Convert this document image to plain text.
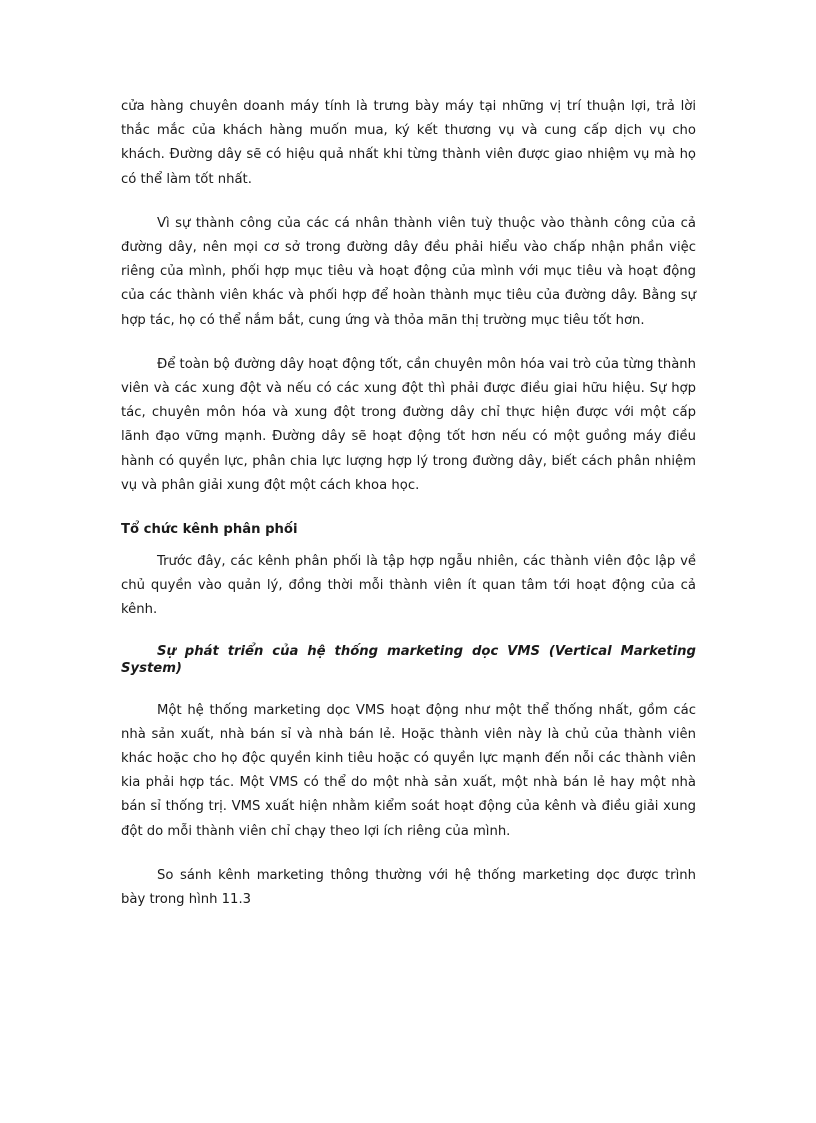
cửa hàng chuyên doanh máy tính là trưng bày máy tại những vị trí thuận lợi, trả lời thắc mắc của khách hàng muốn mua, ký kết thương vụ và cung cấp dịch vụ cho khách. Đường dây sẽ có hiệu quả nhất khi từng thành viên được giao nhiệm vụ mà họ có thể làm tốt nhất.

Vì sự thành công của các cá nhân thành viên tuỳ thuộc vào thành công của cả đường dây, nên mọi cơ sở trong đường dây đều phải hiểu vào chấp nhận phần việc riêng của mình, phối hợp mục tiêu và hoạt động của mình với mục tiêu và hoạt động của các thành viên khác và phối hợp để hoàn thành mục tiêu của đường dây. Bằng sự hợp tác, họ có thể nắm bắt, cung ứng và thỏa mãn thị trường mục tiêu tốt hơn.

Để toàn bộ đường dây hoạt động tốt, cần chuyên môn hóa vai trò của từng thành viên và các xung đột và nếu có các xung đột thì phải được điều giai hữu hiệu. Sự hợp tác, chuyên môn hóa và xung đột trong đường dây chỉ thực hiện được với một cấp lãnh đạo vững mạnh. Đường dây sẽ hoạt động tốt hơn nếu có một guồng máy điều hành có quyền lực, phân chia lực lượng hợp lý trong đường dây, biết cách phân nhiệm vụ và phân giải xung đột một cách khoa học.

Tổ chức kênh phân phối

Trước đây, các kênh phân phối là tập hợp ngẫu nhiên, các thành viên độc lập về chủ quyền vào quản lý, đồng thời mỗi thành viên ít quan tâm tới hoạt động của cả kênh.

Sự phát triển của hệ thống marketing dọc VMS (Vertical Marketing System)

Một hệ thống marketing dọc VMS hoạt động như một thể thống nhất, gồm các nhà sản xuất, nhà bán sỉ và nhà bán lẻ. Hoặc thành viên này là chủ của thành viên khác hoặc cho họ độc quyền kinh tiêu hoặc có quyền lực mạnh đến nỗi các thành viên kia phải hợp tác. Một VMS có thể do một nhà sản xuất, một nhà bán lẻ hay một nhà bán sỉ thống trị. VMS xuất hiện nhằm kiểm soát hoạt động của kênh và điều giải xung đột do mỗi thành viên chỉ chạy theo lợi ích riêng của mình.

So sánh kênh marketing thông thường với hệ thống marketing dọc được trình bày trong hình 11.3
